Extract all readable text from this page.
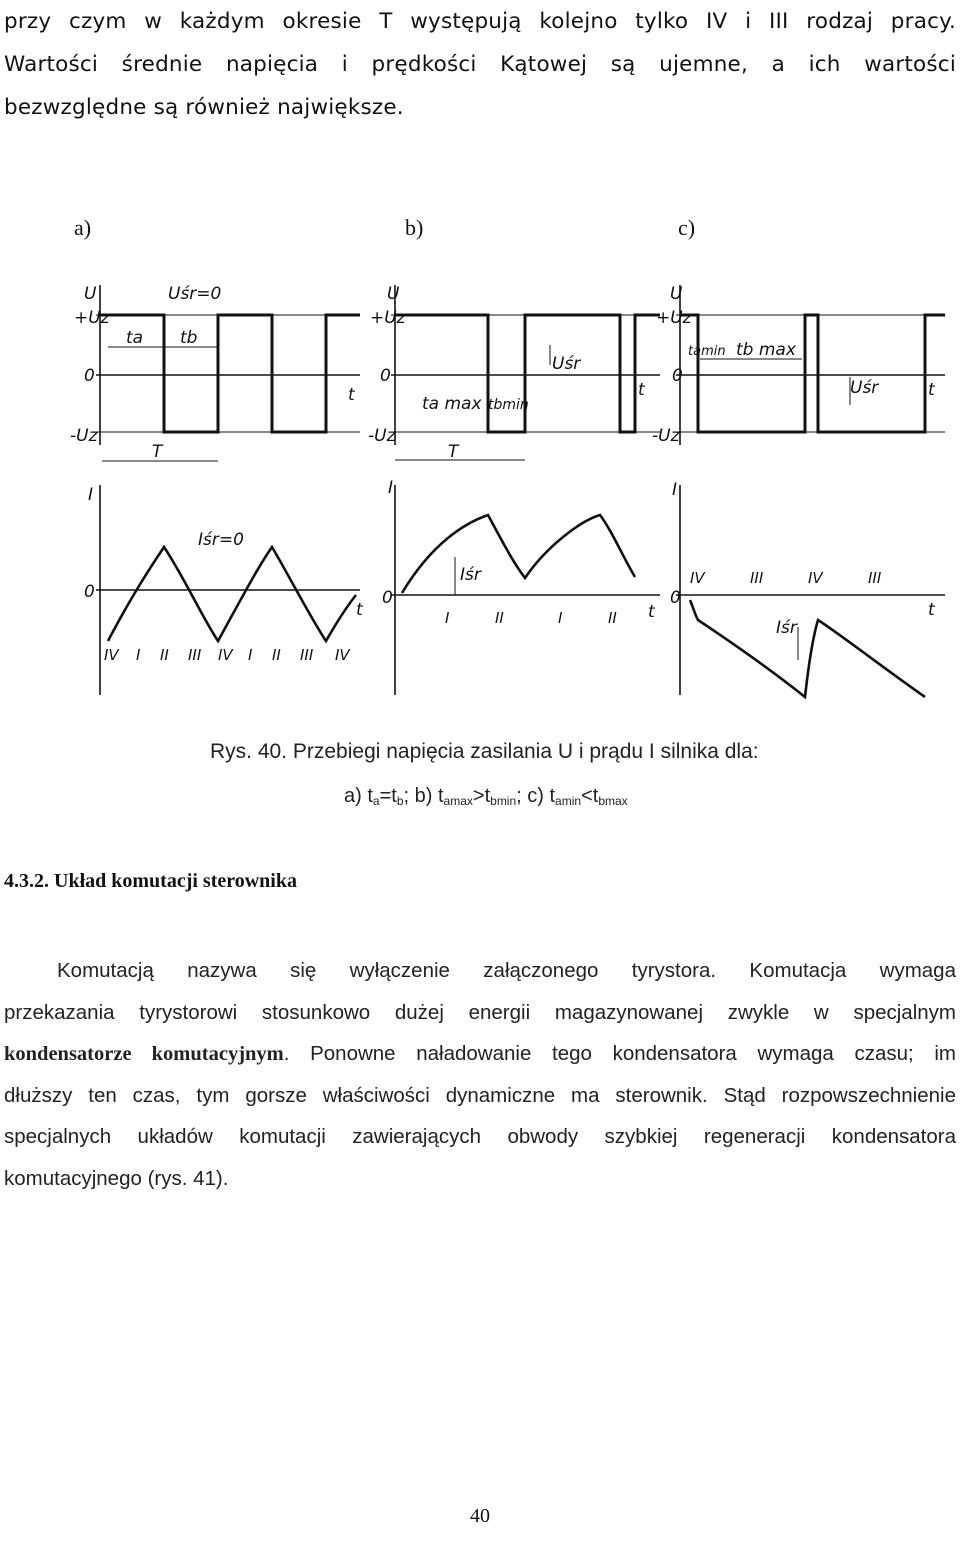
przy czym w każdym okresie T występują kolejno tylko IV i III rodzaj pracy.
Wartości średnie napięcia i prędkości Kątowej są ujemne, a ich wartości
bezwzględne są również największe.
a)	b)	c)
U
+Uz
0
-Uz
Uśr=0
ta tb
t
T
I
0
Iśr=0
t
IV I II III IV I II III IV
U
+Uz
0
-Uz
Uśr
ta max tbmin
t
T
I
0
Iśr
t
I	II	I	II
U
+Uz
0
-Uz
tamin tb max
Uśr	t
I
0
Iśr
t
IV	III	IV	III
Rys. 40. Przebiegi napięcia zasilania U i prądu I silnika dla:
a) $t_a=t_b$; b) $t_{amax}>t_{bmin}$; c) $t_{amin}<t_{bmax}$
4.3.2. Układ komutacji sterownika
Komutacją nazywa się wyłączenie załączonego tyrystora. Komutacja wymaga
przekazania tyrystorowi stosunkowo dużej energii magazynowanej zwykle w specjalnym
kondensatorze komutacyjnym. Ponowne naładowanie tego kondensatora wymaga czasu; im
dłuższy ten czas, tym gorsze właściwości dynamiczne ma sterownik. Stąd rozpowszechnienie
specjalnych układów komutacji zawierających obwody szybkiej regeneracji kondensatora
komutacyjnego (rys. 41).
40
